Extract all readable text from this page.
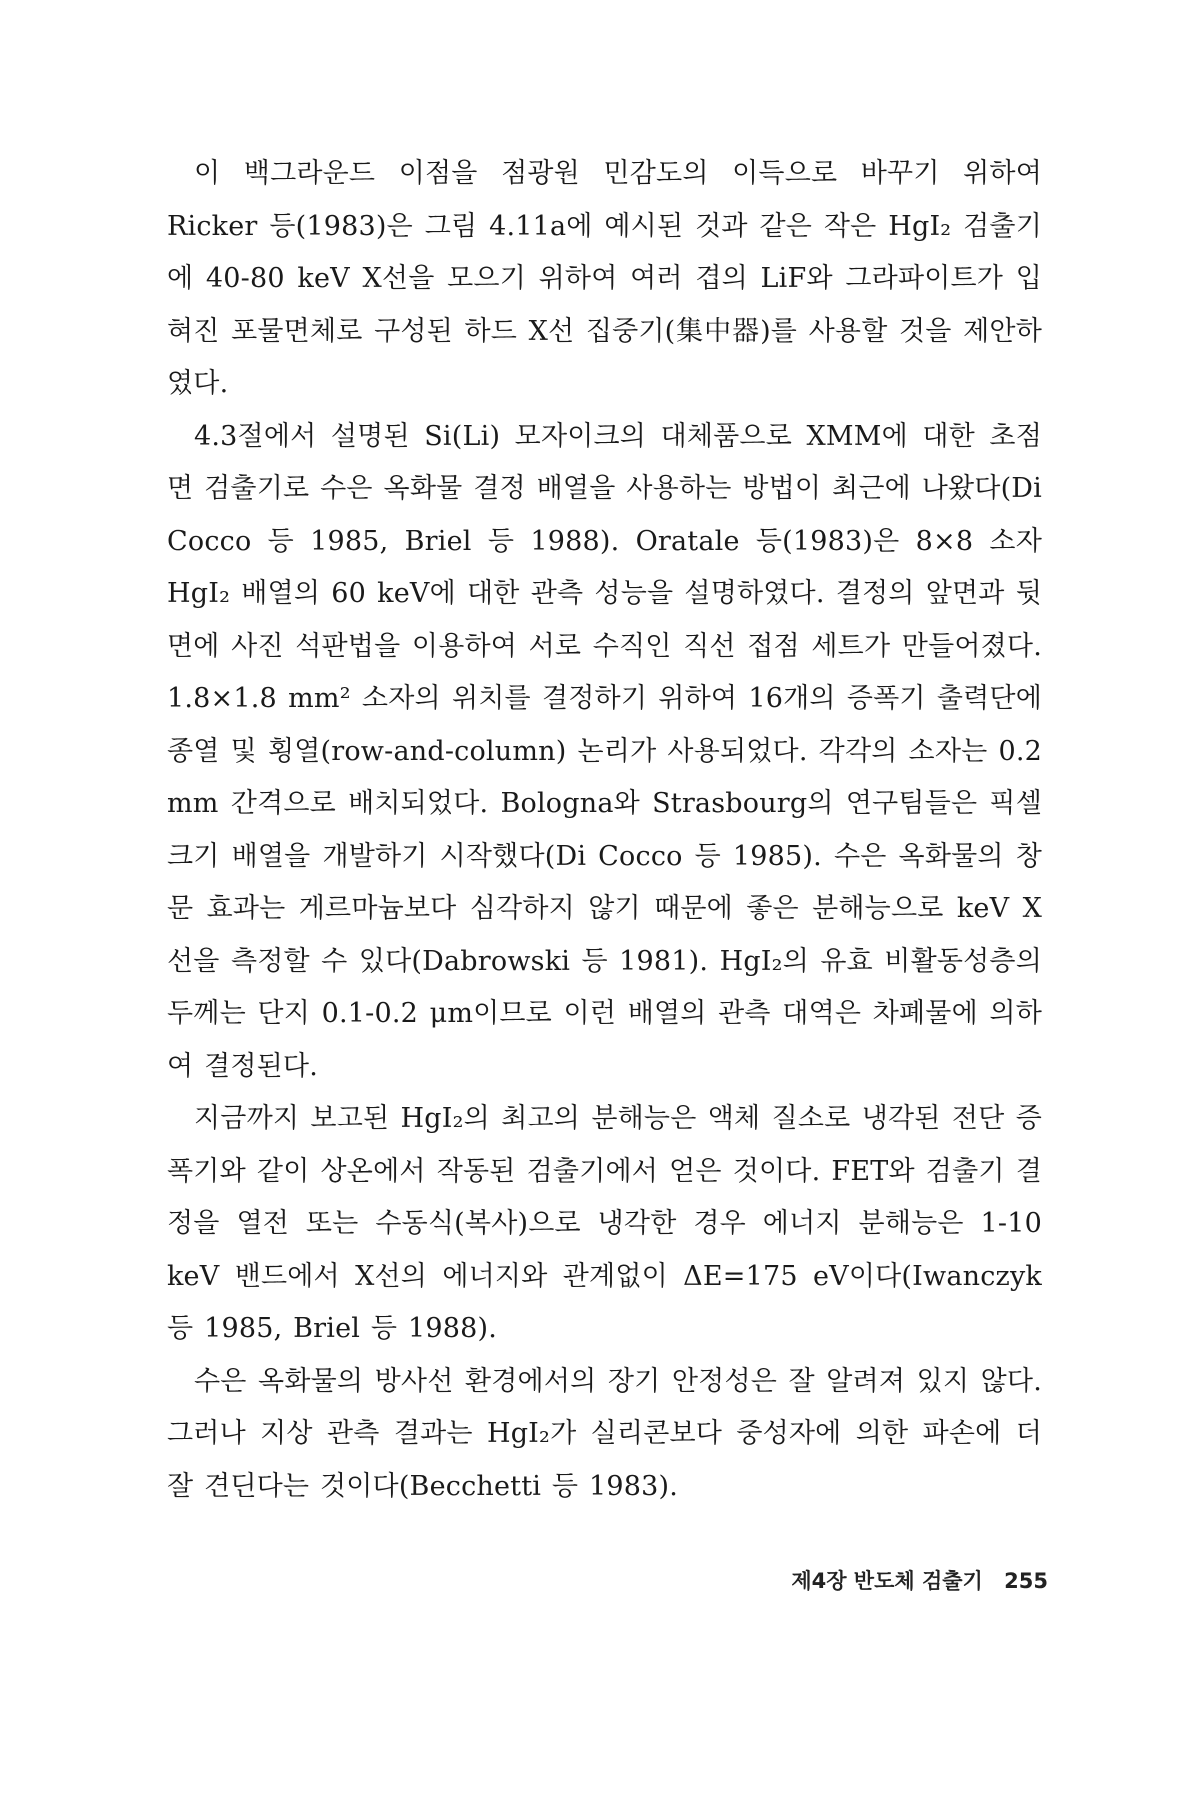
이 백그라운드 이점을 점광원 민감도의 이득으로 바꾸기 위하여 Ricker 등(1983)은 그림 4.11a에 예시된 것과 같은 작은 HgI₂ 검출기에 40-80 keV X선을 모으기 위하여 여러 겹의 LiF와 그라파이트가 입혀진 포물면체로 구성된 하드 X선 집중기(集中器)를 사용할 것을 제안하였다.

4.3절에서 설명된 Si(Li) 모자이크의 대체품으로 XMM에 대한 초점면 검출기로 수은 옥화물 결정 배열을 사용하는 방법이 최근에 나왔다(Di Cocco 등 1985, Briel 등 1988). Oratale 등(1983)은 8×8 소자 HgI₂ 배열의 60 keV에 대한 관측 성능을 설명하였다. 결정의 앞면과 뒷면에 사진 석판법을 이용하여 서로 수직인 직선 접점 세트가 만들어졌다. 1.8×1.8 mm² 소자의 위치를 결정하기 위하여 16개의 증폭기 출력단에 종열 및 횡열(row-and-column) 논리가 사용되었다. 각각의 소자는 0.2 mm 간격으로 배치되었다. Bologna와 Strasbourg의 연구팀들은 픽셀 크기 배열을 개발하기 시작했다(Di Cocco 등 1985). 수은 옥화물의 창문 효과는 게르마늄보다 심각하지 않기 때문에 좋은 분해능으로 keV X선을 측정할 수 있다(Dabrowski 등 1981). HgI₂의 유효 비활동성층의 두께는 단지 0.1-0.2 μm이므로 이런 배열의 관측 대역은 차폐물에 의하여 결정된다.

지금까지 보고된 HgI₂의 최고의 분해능은 액체 질소로 냉각된 전단 증폭기와 같이 상온에서 작동된 검출기에서 얻은 것이다. FET와 검출기 결정을 열전 또는 수동식(복사)으로 냉각한 경우 에너지 분해능은 1-10 keV 밴드에서 X선의 에너지와 관계없이 ΔE=175 eV이다(Iwanczyk 등 1985, Briel 등 1988).

수은 옥화물의 방사선 환경에서의 장기 안정성은 잘 알려져 있지 않다. 그러나 지상 관측 결과는 HgI₂가 실리콘보다 중성자에 의한 파손에 더 잘 견딘다는 것이다(Becchetti 등 1983).

제4장 반도체 검출기 255
